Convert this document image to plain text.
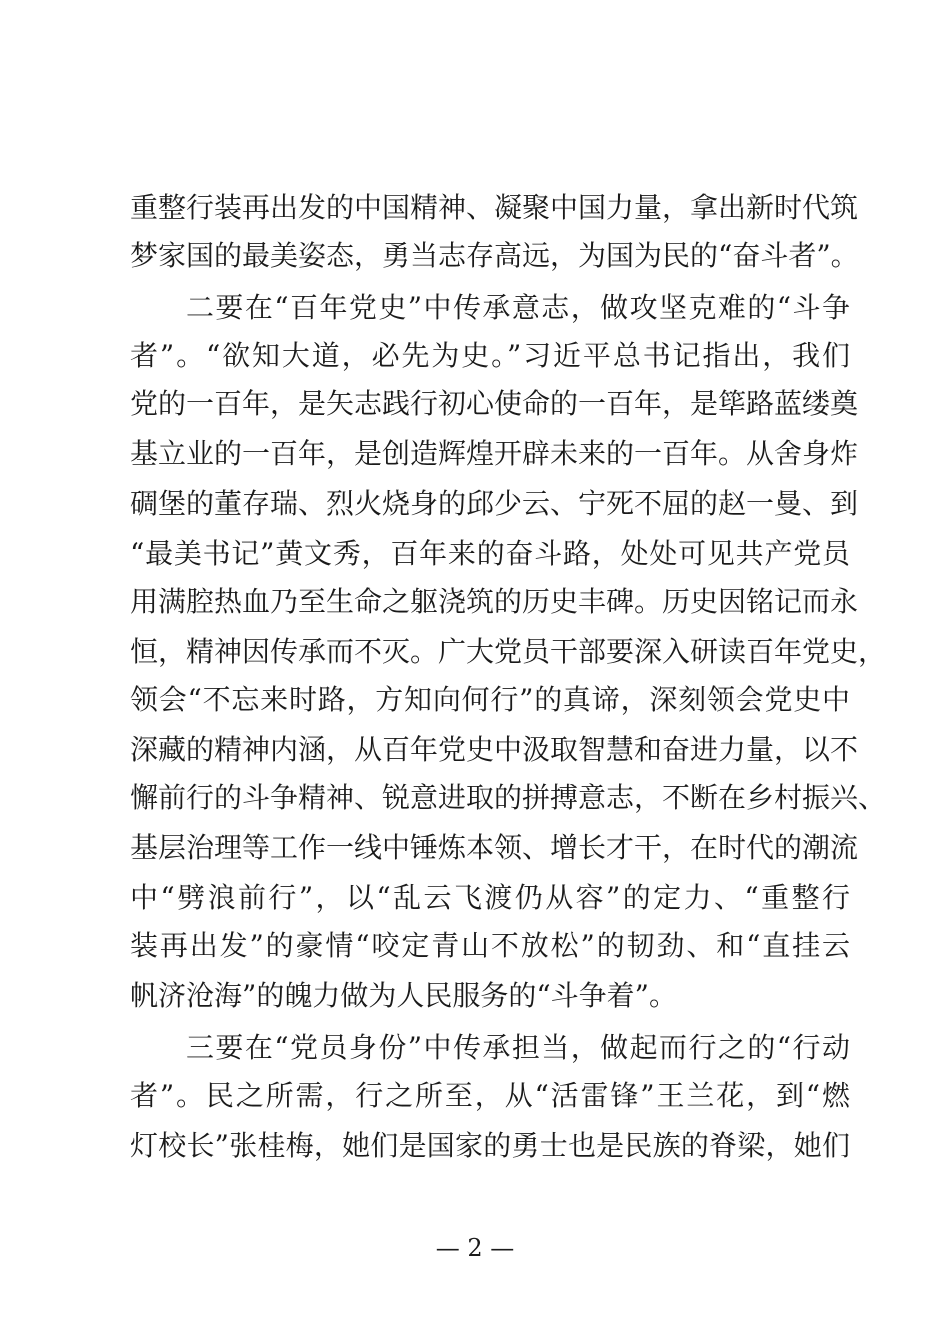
重整行装再出发的中国精神、凝聚中国力量，拿出新时代筑

梦家国的最美姿态，勇当志存高远，为国为民的“奋斗者”。

二要在“百年党史”中传承意志，做攻坚克难的“斗争

者”。“欲知大道，必先为史。”习近平总书记指出，我们

党的一百年，是矢志践行初心使命的一百年，是筚路蓝缕奠

基立业的一百年，是创造辉煌开辟未来的一百年。从舍身炸

碉堡的董存瑞、烈火烧身的邱少云、宁死不屈的赵一曼、到

“最美书记”黄文秀，百年来的奋斗路，处处可见共产党员

用满腔热血乃至生命之躯浇筑的历史丰碑。历史因铭记而永

恒，精神因传承而不灭。广大党员干部要深入研读百年党史，

领会“不忘来时路，方知向何行”的真谛，深刻领会党史中

深藏的精神内涵，从百年党史中汲取智慧和奋进力量，以不

懈前行的斗争精神、锐意进取的拼搏意志，不断在乡村振兴、

基层治理等工作一线中锤炼本领、增长才干，在时代的潮流

中“劈浪前行”，以“乱云飞渡仍从容”的定力、“重整行

装再出发”的豪情“咬定青山不放松”的韧劲、和“直挂云

帆济沧海”的魄力做为人民服务的“斗争着”。

三要在“党员身份”中传承担当，做起而行之的“行动

者”。民之所需，行之所至，从“活雷锋”王兰花，到“燃

灯校长”张桂梅，她们是国家的勇士也是民族的脊梁，她们

— 2 —
